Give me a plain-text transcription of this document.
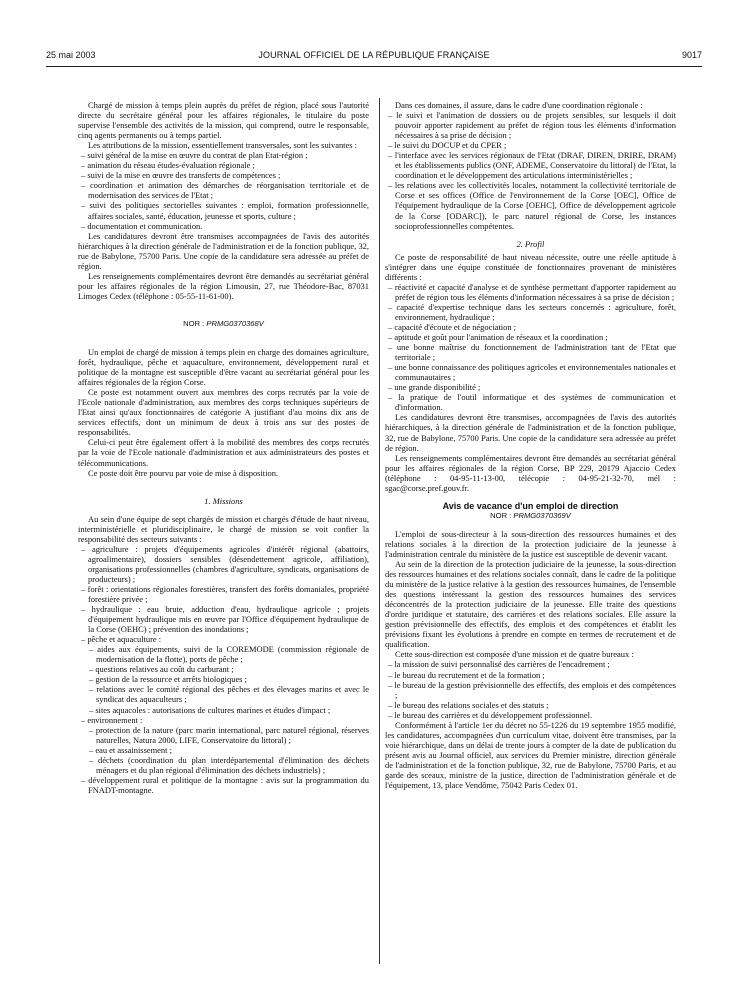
25 mai 2003	JOURNAL OFFICIEL DE LA RÉPUBLIQUE FRANÇAISE	9017

Chargé de mission à temps plein auprès du préfet de région, placé sous l'autorité directe du secrétaire général pour les affaires régionales, le titulaire du poste supervise l'ensemble des activités de la mission, qui comprend, outre le responsable, cinq agents permanents ou à temps partiel.

Les attributions de la mission, essentiellement transversales, sont les suivantes :

– suivi général de la mise en œuvre du contrat de plan Etat-région ;

– animation du réseau études-évaluation régionale ;

– suivi de la mise en œuvre des transferts de compétences ;

– coordination et animation des démarches de réorganisation territoriale et de modernisation des services de l'Etat ;

– suivi des politiques sectorielles suivantes : emploi, formation professionnelle, affaires sociales, santé, éducation, jeunesse et sports, culture ;

– documentation et communication.

Les candidatures devront être transmises accompagnées de l'avis des autorités hiérarchiques à la direction générale de l'administration et de la fonction publique, 32, rue de Babylone, 75700 Paris. Une copie de la candidature sera adressée au préfet de région.

Les renseignements complémentaires devront être demandés au secrétariat général pour les affaires régionales de la région Limousin, 27, rue Théodore-Bac, 87031 Limoges Cedex (téléphone : 05-55-11-61-00).

NOR : PRMG0370368V

Un emploi de chargé de mission à temps plein en charge des domaines agriculture, forêt, hydraulique, pêche et aquaculture, environnement, développement rural et politique de la montagne est susceptible d'être vacant au secrétariat général pour les affaires régionales de la région Corse.

Ce poste est notamment ouvert aux membres des corps recrutés par la voie de l'Ecole nationale d'administration, aux membres des corps techniques supérieurs de l'Etat ainsi qu'aux fonctionnaires de catégorie A justifiant d'au moins dix ans de services effectifs, dont un minimum de deux à trois ans sur des postes de responsabilités.

Celui-ci peut être également offert à la mobilité des membres des corps recrutés par la voie de l'Ecole nationale d'administration et aux administrateurs des postes et télécommunications.

Ce poste doit être pourvu par voie de mise à disposition.

1. Missions

Au sein d'une équipe de sept chargés de mission et chargés d'étude de haut niveau, interministérielle et pluridisciplinaire, le chargé de mission se voit confier la responsabilité des secteurs suivants :

– agriculture : projets d'équipements agricoles d'intérêt régional (abattoirs, agroalimentaire), dossiers sensibles (désendettement agricole, affiliation), organisations professionnelles (chambres d'agriculture, syndicats, organisations de producteurs) ;

– forêt : orientations régionales forestières, transfert des forêts domaniales, propriété forestière privée ;

– hydraulique : eau brute, adduction d'eau, hydraulique agricole ; projets d'équipement hydraulique mis en œuvre par l'Office d'équipement hydraulique de la Corse (OEHC) ; prévention des inondations ;

– pêche et aquaculture :

– aides aux équipements, suivi de la COREMODE (commission régionale de modernisation de la flotte), ports de pêche ;

– questions relatives au coût du carburant ;

– gestion de la ressource et arrêts biologiques ;

– relations avec le comité régional des pêches et des élevages marins et avec le syndicat des aquaculteurs ;

– sites aquacoles : autorisations de cultures marines et études d'impact ;

– environnement :

– protection de la nature (parc marin international, parc naturel régional, réserves naturelles, Natura 2000, LIFE, Conservatoire du littoral) ;

– eau et assainissement ;

– déchets (coordination du plan interdépartemental d'élimination des déchets ménagers et du plan régional d'élimination des déchets industriels) ;

– développement rural et politique de la montagne : avis sur la programmation du FNADT-montagne.

Dans ces domaines, il assure, dans le cadre d'une coordination régionale :

– le suivi et l'animation de dossiers ou de projets sensibles, sur lesquels il doit pouvoir apporter rapidement au préfet de région tous les éléments d'information nécessaires à sa prise de décision ;

– le suivi du DOCUP et du CPER ;

– l'interface avec les services régionaux de l'Etat (DRAF, DIREN, DRIRE, DRAM) et les établissements publics (ONF, ADEME, Conservatoire du littoral) de l'Etat, la coordination et le développement des articulations interministérielles ;

– les relations avec les collectivités locales, notamment la collectivité territoriale de Corse et ses offices (Office de l'environnement de la Corse [OEC], Office de l'équipement hydraulique de la Corse [OEHC], Office de développement agricole de la Corse [ODARC]), le parc naturel régional de Corse, les instances socioprofessionnelles compétentes.

2. Profil

Ce poste de responsabilité de haut niveau nécessite, outre une réelle aptitude à s'intégrer dans une équipe constituée de fonctionnaires provenant de ministères différents :

– réactivité et capacité d'analyse et de synthèse permettant d'apporter rapidement au préfet de région tous les éléments d'information nécessaires à sa prise de décision ;

– capacité d'expertise technique dans les secteurs concernés : agriculture, forêt, environnement, hydraulique ;

– capacité d'écoute et de négociation ;

– aptitude et goût pour l'animation de réseaux et la coordination ;

– une bonne maîtrise du fonctionnement de l'administration tant de l'Etat que territoriale ;

– une bonne connaissance des politiques agricoles et environnementales nationales et communautaires ;

– une grande disponibilité ;

– la pratique de l'outil informatique et des systèmes de communication et d'information.

Les candidatures devront être transmises, accompagnées de l'avis des autorités hiérarchiques, à la direction générale de l'administration et de la fonction publique, 32, rue de Babylone, 75700 Paris. Une copie de la candidature sera adressée au préfet de région.

Les renseignements complémentaires devront être demandés au secrétariat général pour les affaires régionales de la région Corse, BP 229, 20179 Ajaccio Cedex (téléphone : 04-95-11-13-00, télécopie : 04-95-21-32-70, mél : sgac@corse.pref.gouv.fr.

Avis de vacance d'un emploi de direction

NOR : PRMG0370369V

L'emploi de sous-directeur à la sous-direction des ressources humaines et des relations sociales à la direction de la protection judiciaire de la jeunesse à l'administration centrale du ministère de la justice est susceptible de devenir vacant.

Au sein de la direction de la protection judiciaire de la jeunesse, la sous-direction des ressources humaines et des relations sociales connaît, dans le cadre de la politique du ministère de la justice relative à la gestion des ressources humaines, de l'ensemble des questions intéressant la gestion des ressources humaines des services déconcentrés de la protection judiciaire de la jeunesse. Elle traite des questions d'ordre juridique et statutaire, des carrières et des relations sociales. Elle assure la gestion prévisionnelle des effectifs, des emplois et des compétences et établit les prévisions fixant les évolutions à prendre en compte en termes de recrutement et de qualification.

Cette sous-direction est composée d'une mission et de quatre bureaux :

– la mission de suivi personnalisé des carrières de l'encadrement ;

– le bureau du recrutement et de la formation ;

– le bureau de la gestion prévisionnelle des effectifs, des emplois et des compétences ;

– le bureau des relations sociales et des statuts ;

– le bureau des carrières et du développement professionnel.

Conformément à l'article 1er du décret no 55-1226 du 19 septembre 1955 modifié, les candidatures, accompagnées d'un curriculum vitae, doivent être transmises, par la voie hiérarchique, dans un délai de trente jours à compter de la date de publication du présent avis au Journal officiel, aux services du Premier ministre, direction générale de l'administration et de la fonction publique, 32, rue de Babylone, 75700 Paris, et au garde des sceaux, ministre de la justice, direction de l'administration générale et de l'équipement, 13, place Vendôme, 75042 Paris Cedex 01.
